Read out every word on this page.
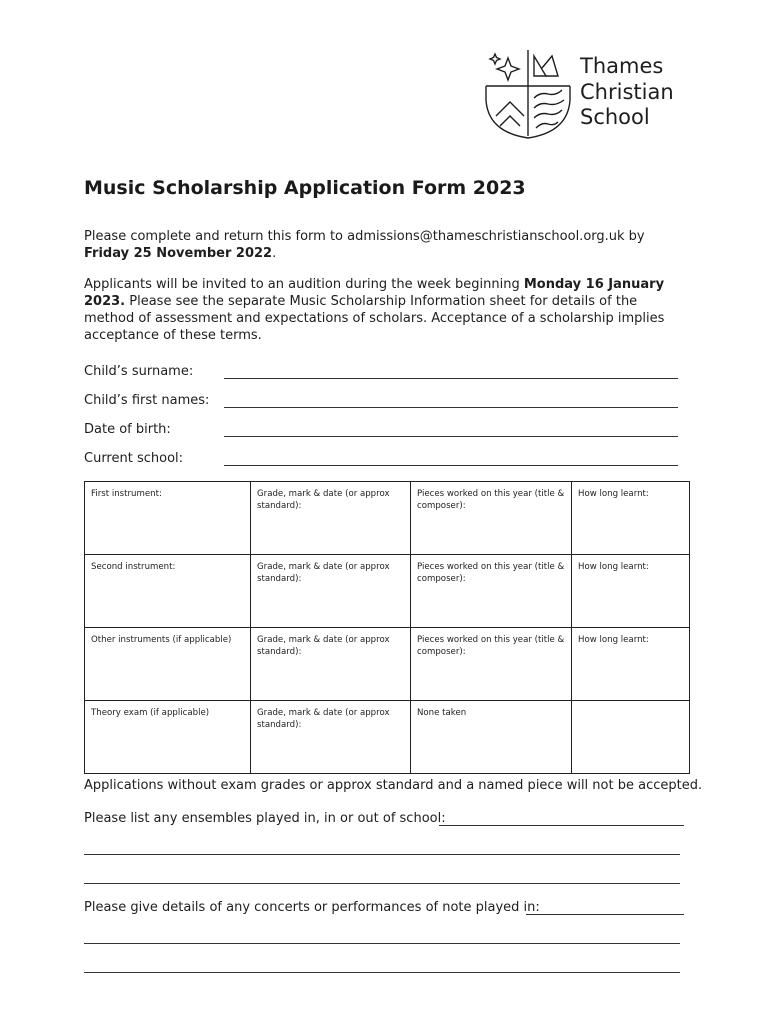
Thames
Christian
School
Music Scholarship Application Form 2023
Please complete and return this form to admissions@thameschristianschool.org.uk by Friday 25 November 2022.
Applicants will be invited to an audition during the week beginning Monday 16 January 2023. Please see the separate Music Scholarship Information sheet for details of the method of assessment and expectations of scholars. Acceptance of a scholarship implies acceptance of these terms.
Child’s surname:
Child’s first names:
Date of birth:
Current school:
First instrument:	Grade, mark & date (or approx standard):	Pieces worked on this year (title & composer):	How long learnt:
Second instrument:	Grade, mark & date (or approx standard):	Pieces worked on this year (title & composer):	How long learnt:
Other instruments (if applicable)	Grade, mark & date (or approx standard):	Pieces worked on this year (title & composer):	How long learnt:
Theory exam (if applicable)	Grade, mark & date (or approx standard):	None taken	
Applications without exam grades or approx standard and a named piece will not be accepted.
Please list any ensembles played in, in or out of school:
Please give details of any concerts or performances of note played in:
